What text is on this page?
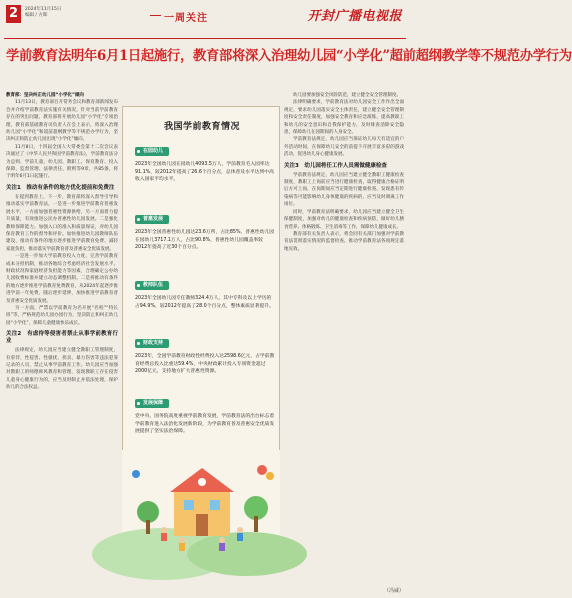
2	2024年11月15日
编辑 / 方晖	一周关注	开封广播电视报
学前教育法明年6月1日起施行，教育部将深入治理幼儿园“小学化”超前超纲教学等不规范办学行为
教育部：坚决纠正幼儿园“小学化”倾向

11月13日，教育部召开常务会议和教育部新闻发布会并介绍学前教育法实施有关情况。针对当前学前教育存在的突出问题，教育部将开展幼儿园“小学化”专项治理，教育部基础教育司负责人在会上表示，将深入治理幼儿园“小学化”和超前超纲教学等不规范办学行为，坚决纠正和防止幼儿园出现“小学化”倾向。

11月8日，十四届全国人大常委会第十二次会议表决通过了《中华人民共和国学前教育法》，学前教育法分为总则、学前儿童、幼儿园、教职工、保育教育、投入保障、监督管理、法律责任、附则等9章，共85条，将于明年6月1日起施行。

关注1　推动有条件的地方优化提前和免费注

在提到教育上，下一步，教育部将深入督导引导和推动落实学前教育法，一是进一步推进学前教育普惠发展水平，一方面加强普惠性资源供给，另一方面着力提升质量，有效推进公民办普惠性幼儿园发展。二是强化教师保障能力。加强入口的准入和质量保证，对幼儿园保育教育工作的督导和评价。加快推进幼儿园教师队伍建设，推动有条件的地方逐步推进学前教育免费、减轻家庭负担，推动落实学前教育普及普惠安全优质发展。

一是进一步加大学前教育投入力度，完善学前教育成本分担机制，推动各地综合考虑经济社会发展水平、财政状况和家庭经济负担能力等因素，合理确定公办幼儿园收费标准并建立动态调整机制。二是将推动有条件的地方逐步推进学前教育免费教育，从2024年起逐步推进学前一年免费，随后逐步延伸，加快推进学前教育普及普惠安全优质发展。

另一方面，严禁以学前教育为名开展“名校”“特长班”等，严格规范幼儿园办园行为，坚决防止和纠正幼儿园“小学化”，保障儿童健康快乐成长。

关注2　有虐待等侵害者禁止从事学前教育行业

法律规定，幼儿园应当建立健全教职工管理制度，有虐待、性侵害、性骚扰、拐卖、暴力伤害等违法犯罪记录的人员，禁止从事学前教育工作。幼儿园应当加强对教职工的师德师风教育和管理，发现教职工存在侵害儿童身心健康行为的，应当及时制止并依法处理，保护幼儿的合法权益。

我国学前教育情况
在园幼儿

2023年全国幼儿园在园幼儿4093.5万人，学前教育毛入园率达91.1%，较2012年提高了26.6个百分点，总体普及水平达到中高收入国家平均水平。

普惠发展

2023年全国普惠性幼儿园达23.6万所，占比85%，普惠性幼儿园在园幼儿3717.1万人，占比90.8%，普惠性幼儿园覆盖率较2012年提高了近30个百分点。

教师队伍

2023年全国幼儿园专任教师324.4万人，其中专科及以上学历的占94.9%，较2012年提高了28.0个百分点，整体素质显著提升。

财政支持

2023年，全国学前教育财政性经费投入达2598.6亿元，占学前教育经费总投入比重达59.4%，中央财政累计投入专项资金超过2000亿元，支持地方扩大普惠性资源。

发展保障

党中央、国务院高度重视学前教育发展，学前教育法的出台标志着学前教育进入法治化发展新阶段，为学前教育普及普惠安全优质发展提供了坚实法治保障。

幼儿园要加强安全风险防范，建立健全安全管理制度。

法律明确要求，学前教育法对幼儿园安全工作作出全面规定，要求幼儿园落实安全主体责任，建立健全安全管理制度和安全责任制度，加强安全教育和应急演练，提高教职工和幼儿的安全意识和自我保护能力，及时排查消除安全隐患，保障幼儿在园期间的人身安全。

学前教育法规定，幼儿园应当保证幼儿每天有适宜的户外活动时间，在保障幼儿安全的前提下开展丰富多彩的游戏活动，促进幼儿身心健康发展。

关注3　幼儿园将任工作人员需做健康检查

学前教育法规定，幼儿园应当建立健全教职工健康检查制度，教职工上岗前应当进行健康检查，取得健康合格证明后方可上岗，在岗期间应当定期进行健康检查。发现患有传染病等可能影响幼儿身体健康的疾病的，应当及时调离工作岗位。

同时，学前教育法明确要求，幼儿园应当建立健全卫生保健制度，加强对幼儿的健康检查和疾病预防，做好幼儿膳食营养、体格锻炼、卫生消毒等工作，保障幼儿健康成长。

教育部有关负责人表示，将会同有关部门加强对学前教育法贯彻落实情况的监督检查，推动学前教育法各项规定落地见效。

（冯威）
